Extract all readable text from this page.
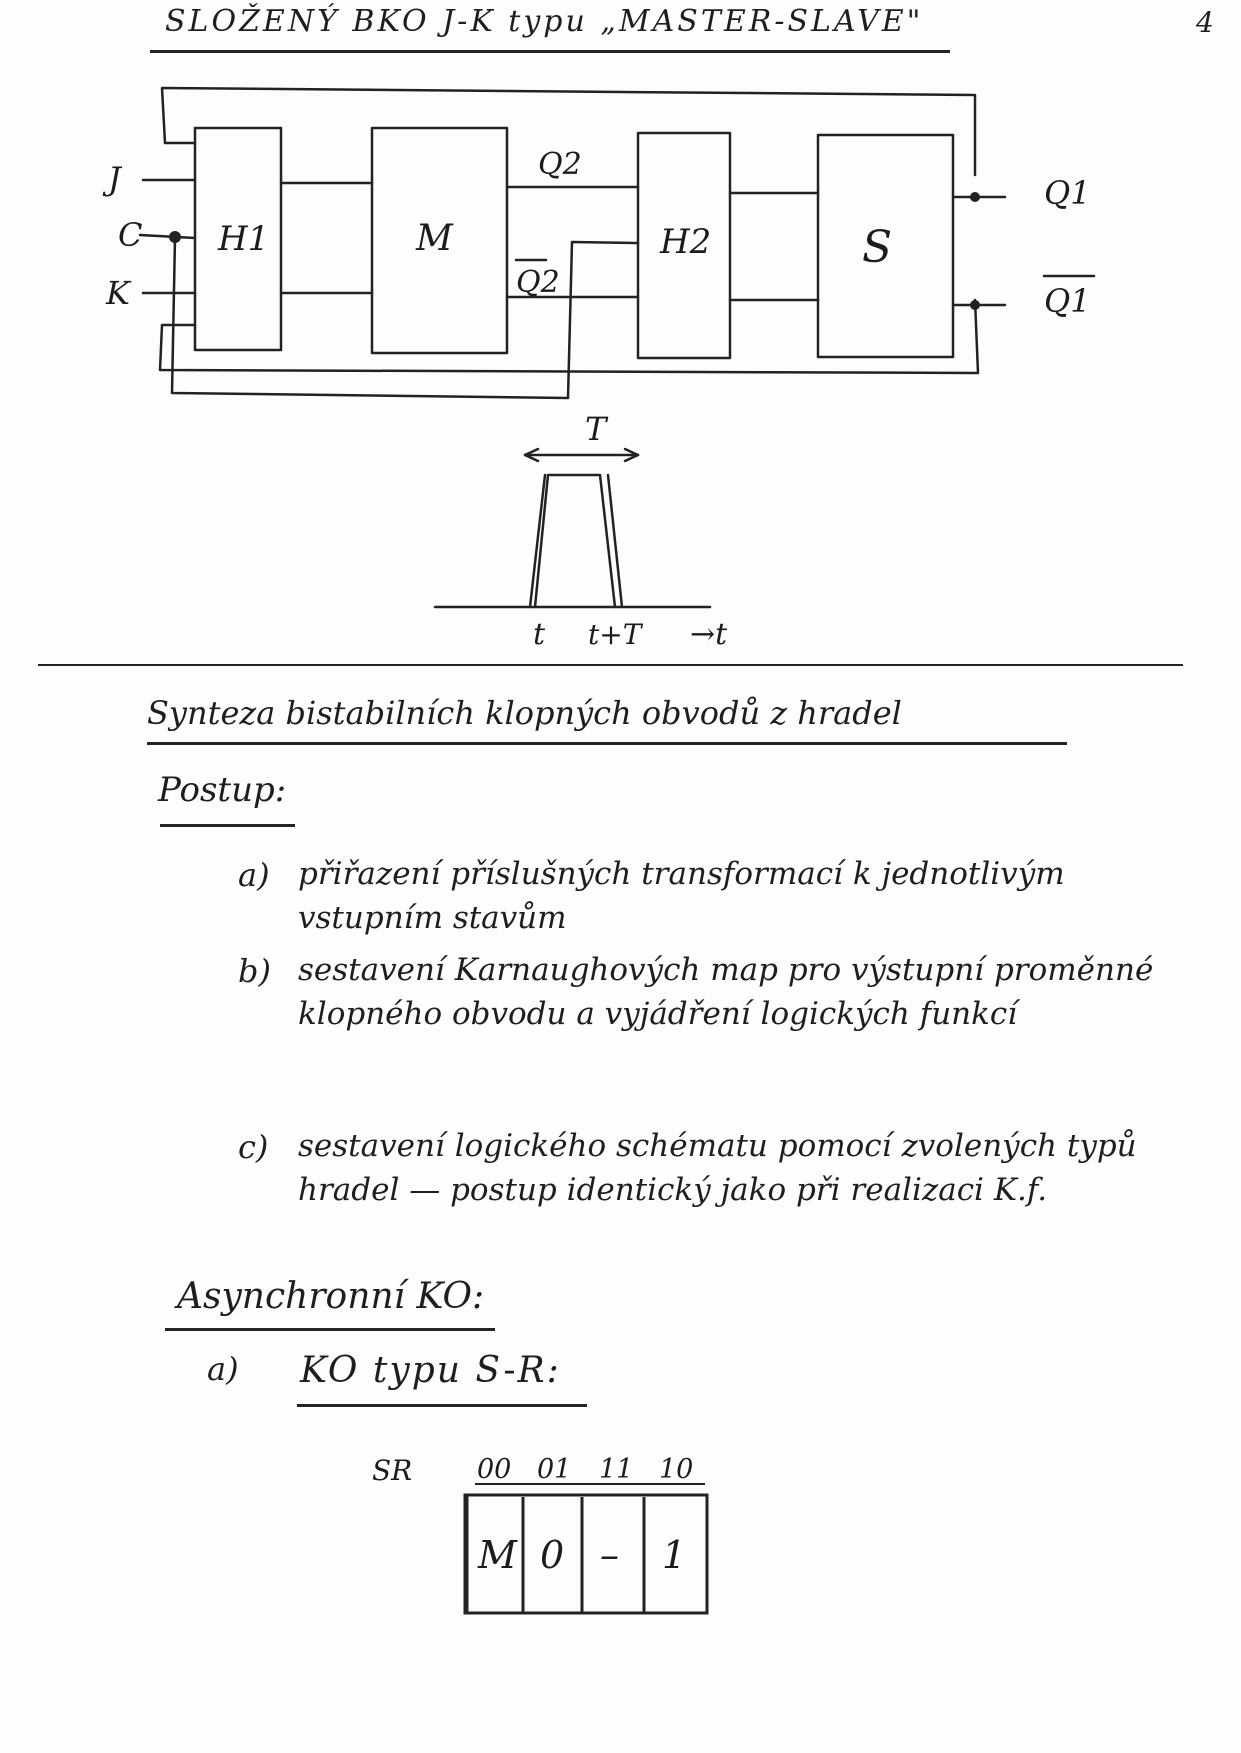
SLOŽENÝ BKO J-K typu „MASTER-SLAVE"	4
J
C
K
H1	M	H2	S
Q2
Q2
Q1
Q1
T
t t+T →t
Synteza bistabilních klopných obvodů z hradel
Postup:
a) přiřazení příslušných transformací k jednotlivým vstupním stavům
b) sestavení Karnaughových map pro výstupní proměnné klopného obvodu a vyjádření logických funkcí
c) sestavení logického schématu pomocí zvolených typů hradel — postup identický jako při realizaci K.f.
Asynchronní KO:
a) KO typu S-R:
SR 00 01 11 10
M 0 – 1
